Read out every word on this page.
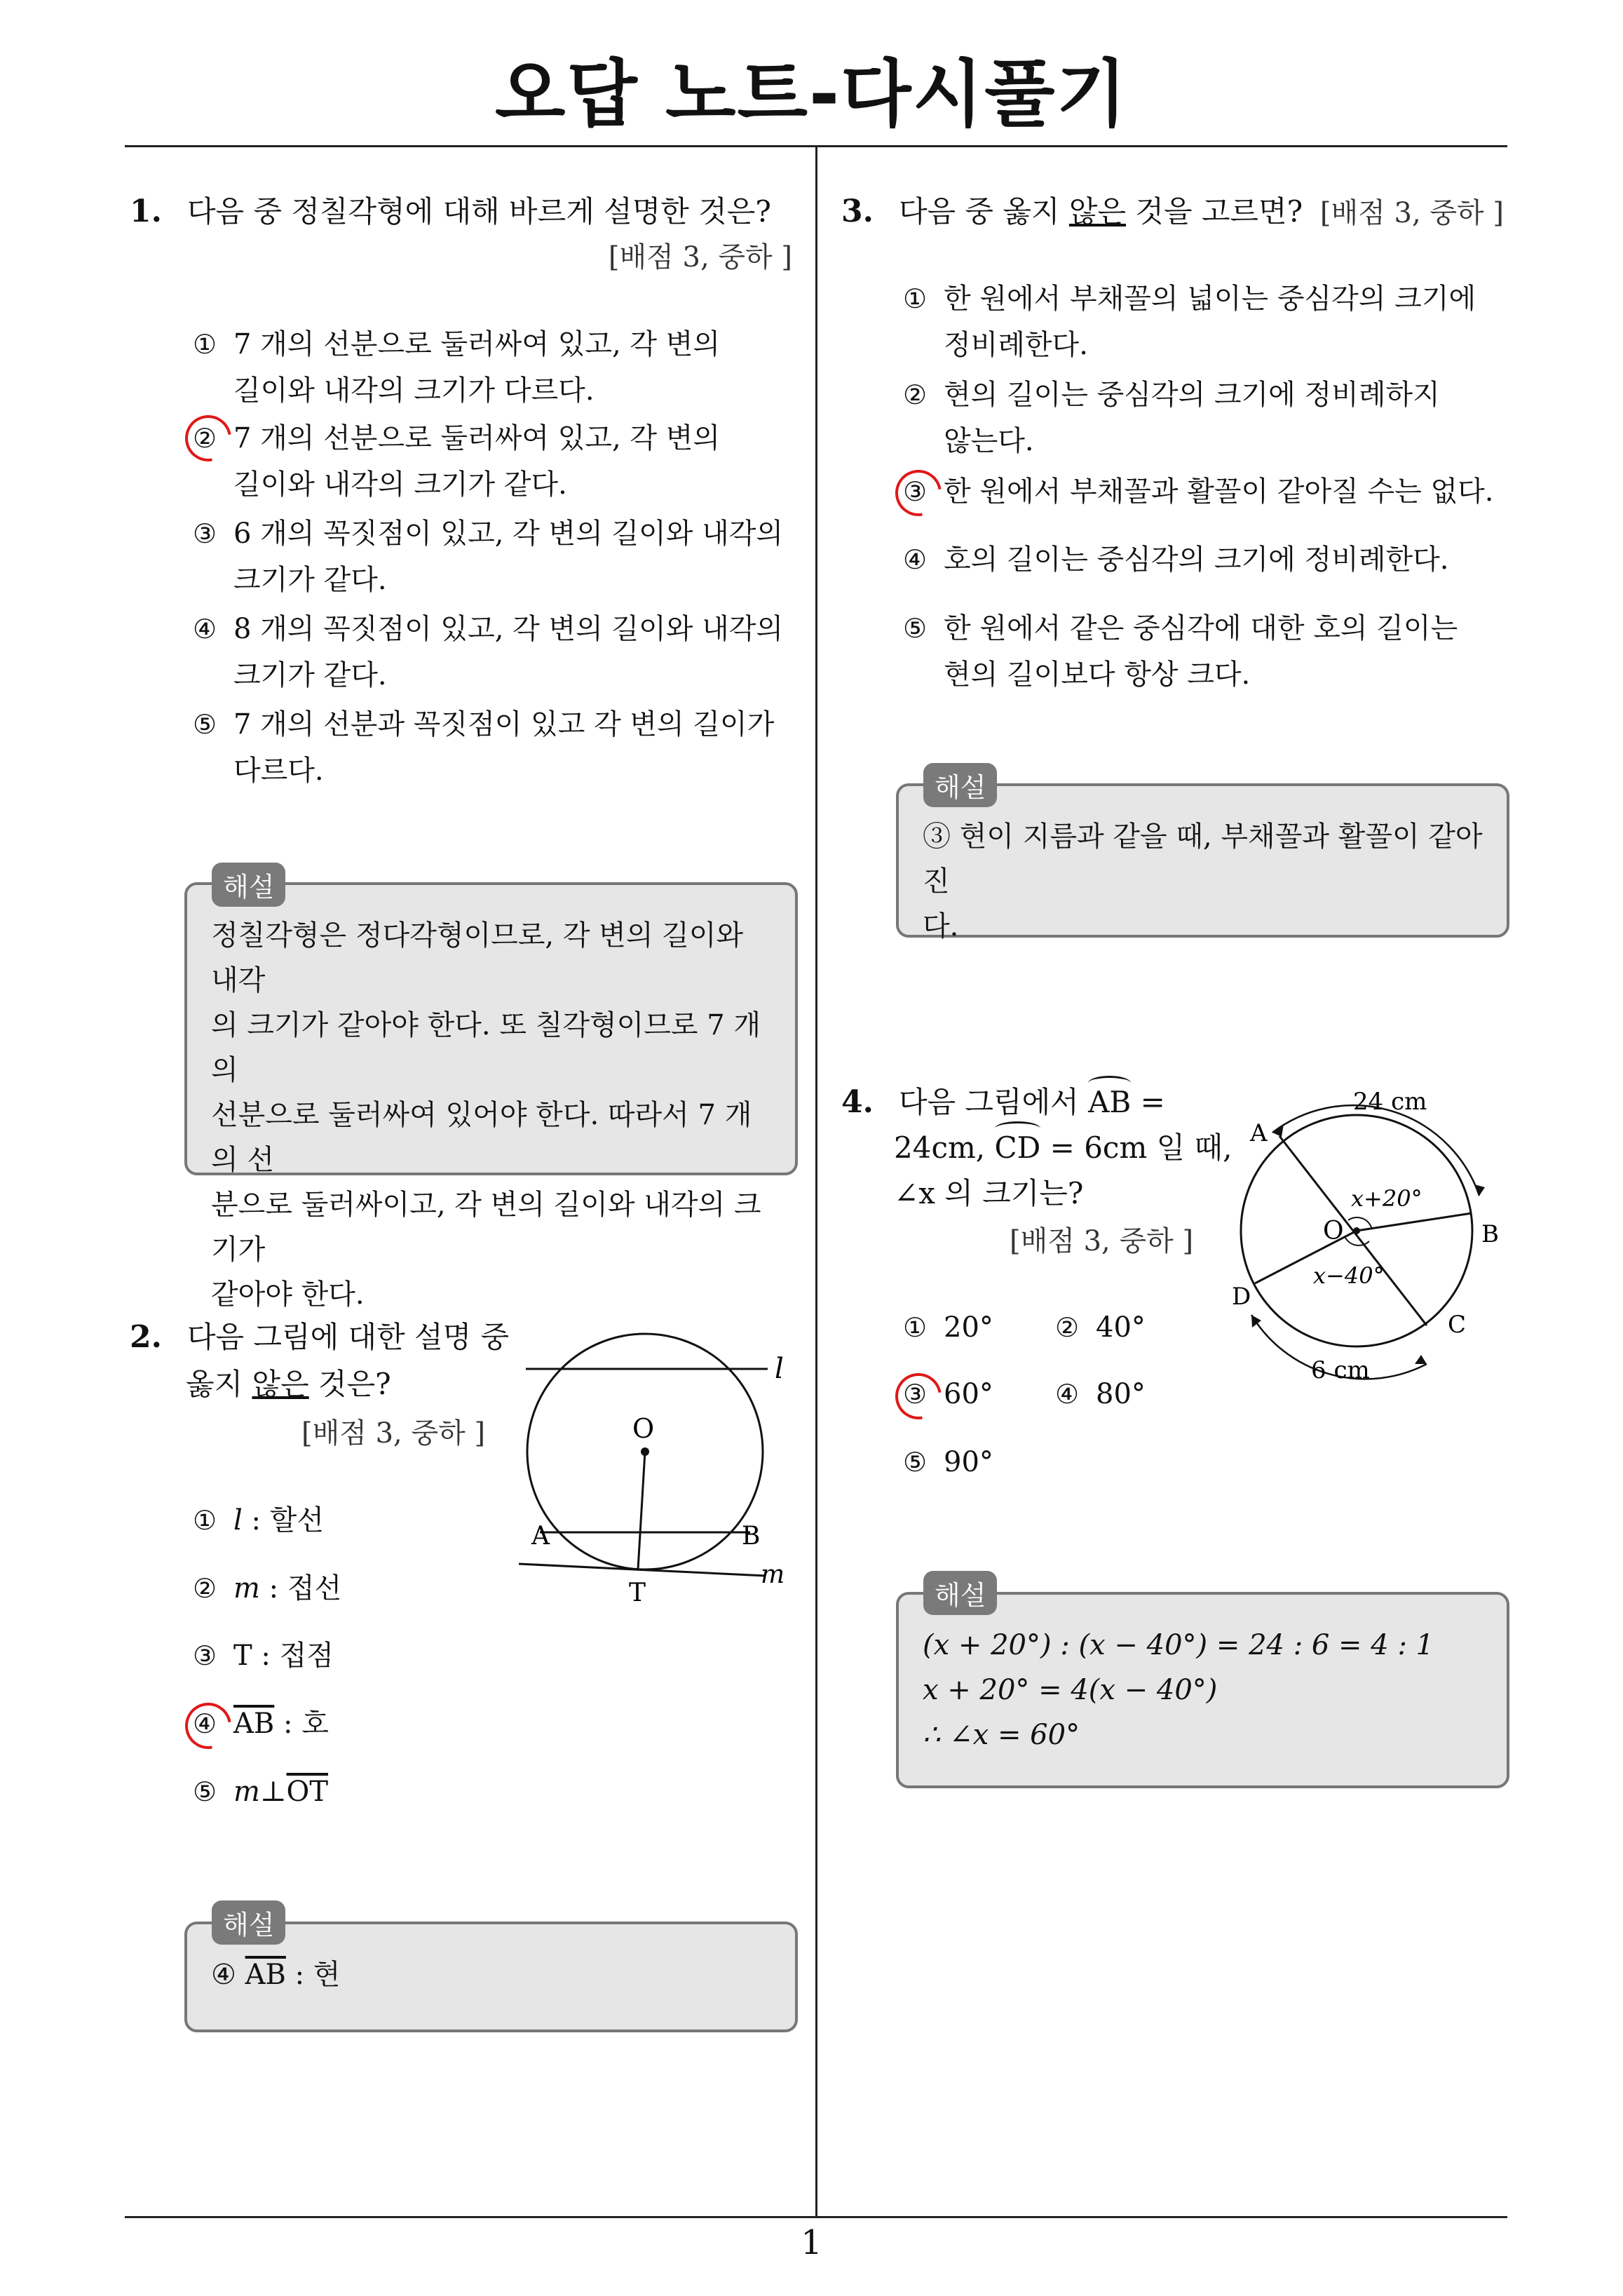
오답 노트-다시풀기
1
1. 다음 중 정칠각형에 대해 바르게 설명한 것은?
[배점 3, 중하 ]
① 7 개의 선분으로 둘러싸여 있고, 각 변의
길이와 내각의 크기가 다르다.
② 7 개의 선분으로 둘러싸여 있고, 각 변의
길이와 내각의 크기가 같다.
③ 6 개의 꼭짓점이 있고, 각 변의 길이와 내각의
크기가 같다.
④ 8 개의 꼭짓점이 있고, 각 변의 길이와 내각의
크기가 같다.
⑤ 7 개의 선분과 꼭짓점이 있고 각 변의 길이가
다르다.
정칠각형은 정다각형이므로, 각 변의 길이와 내각
의 크기가 같아야 한다. 또 칠각형이므로 7 개의
선분으로 둘러싸여 있어야 한다. 따라서 7 개의 선
분으로 둘러싸이고, 각 변의 길이와 내각의 크기가
같아야 한다.
해설
2. 다음 그림에 대한 설명 중
옳지 않은 것은?
[배점 3, 중하 ]
① l : 할선
② m : 접선
③ T : 접점
④ $\overline{AB}$ : 호
⑤ $m\perp\overline{OT}$
l
O
A	B
T
m
④ $\overline{AB}$ : 현
해설
3. 다음 중 옳지 않은 것을 고르면? [배점 3, 중하 ]
① 한 원에서 부채꼴의 넓이는 중심각의 크기에
정비례한다.
② 현의 길이는 중심각의 크기에 정비례하지
않는다.
③ 한 원에서 부채꼴과 활꼴이 같아질 수는 없다.
④ 호의 길이는 중심각의 크기에 정비례한다.
⑤ 한 원에서 같은 중심각에 대한 호의 길이는
현의 길이보다 항상 크다.
③ 현이 지름과 같을 때, 부채꼴과 활꼴이 같아진
다.
해설
4. 다음 그림에서 AB =
24cm, CD = 6cm 일 때,
∠x 의 크기는?
[배점 3, 중하 ]
① 20° ② 40°
③ 60° ④ 80°
⑤ 90°
24 cm
A
B
C
D
O
x+20°
x−40°
6 cm
(x + 20°) : (x − 40°) = 24 : 6 = 4 : 1
x + 20° = 4(x − 40°)
∴ ∠x = 60°
해설
